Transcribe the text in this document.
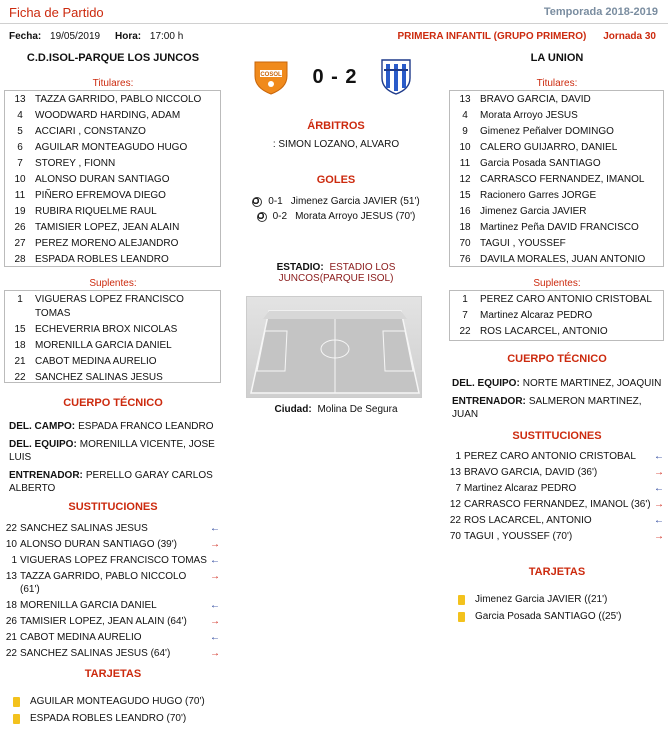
Ficha de Partido	Temporada 2018-2019
Fecha: 19/05/2019 Hora: 17:00 h	PRIMERA INFANTIL (GRUPO PRIMERO) Jornada 30
C.D.ISOL-PARQUE LOS JUNCOS	LA UNION
COSOL	0 - 2
Titulares:
13 TAZZA GARRIDO, PABLO NICCOLO
4	WOODWARD HARDING, ADAM
5	ACCIARI , CONSTANZO
6	AGUILAR MONTEAGUDO HUGO
7	STOREY , FIONN
10 ALONSO DURAN SANTIAGO
11 PIÑERO EFREMOVA DIEGO
19 RUBIRA RIQUELME RAUL
26 TAMISIER LOPEZ, JEAN ALAIN
27 PEREZ MORENO ALEJANDRO
28 ESPADA ROBLES LEANDRO
Suplentes:
1	VIGUERAS LOPEZ FRANCISCO TOMAS
15 ECHEVERRIA BROX NICOLAS
18 MORENILLA GARCIA DANIEL
21 CABOT MEDINA AURELIO
22 SANCHEZ SALINAS JESUS
CUERPO TÉCNICO
DEL. CAMPO: ESPADA FRANCO LEANDRO
DEL. EQUIPO: MORENILLA VICENTE, JOSE LUIS
ENTRENADOR: PERELLO GARAY CARLOS ALBERTO
SUSTITUCIONES
22 SANCHEZ SALINAS JESUS	←
10 ALONSO DURAN SANTIAGO (39')	→
1 VIGUERAS LOPEZ FRANCISCO TOMAS ←
13 TAZZA GARRIDO, PABLO NICCOLO (61')
→
18 MORENILLA GARCIA DANIEL	←
26 TAMISIER LOPEZ, JEAN ALAIN (64')	→
21 CABOT MEDINA AURELIO	←
22 SANCHEZ SALINAS JESUS (64')	→
TARJETAS
AGUILAR MONTEAGUDO HUGO (70')
ESPADA ROBLES LEANDRO (70')
ÁRBITROS
: SIMON LOZANO, ALVARO
GOLES
0-1 Jimenez Garcia JAVIER (51')
0-2 Morata Arroyo JESUS (70')
ESTADIO: ESTADIO LOS JUNCOS(PARQUE ISOL)
Ciudad: Molina De Segura
Titulares:
13 BRAVO GARCIA, DAVID
4	Morata Arroyo JESUS
9	Gimenez Peñalver DOMINGO
10 CALERO GUIJARRO, DANIEL
11 Garcia Posada SANTIAGO
12 CARRASCO FERNANDEZ, IMANOL
15 Racionero Garres JORGE
16 Jimenez Garcia JAVIER
18 Martinez Peña DAVID FRANCISCO
70 TAGUI , YOUSSEF
76 DAVILA MORALES, JUAN ANTONIO
Suplentes:
1	PEREZ CARO ANTONIO CRISTOBAL
7	Martinez Alcaraz PEDRO
22 ROS LACARCEL, ANTONIO
CUERPO TÉCNICO
DEL. EQUIPO: NORTE MARTINEZ, JOAQUIN
ENTRENADOR: SALMERON MARTINEZ, JUAN
SUSTITUCIONES
1 PEREZ CARO ANTONIO CRISTOBAL	←
13 BRAVO GARCIA, DAVID (36')	→
7 Martinez Alcaraz PEDRO	←
12 CARRASCO FERNANDEZ, IMANOL (36') →
22 ROS LACARCEL, ANTONIO	←
70 TAGUI , YOUSSEF (70')	→
TARJETAS
Jimenez Garcia JAVIER ((21')
Garcia Posada SANTIAGO ((25')
